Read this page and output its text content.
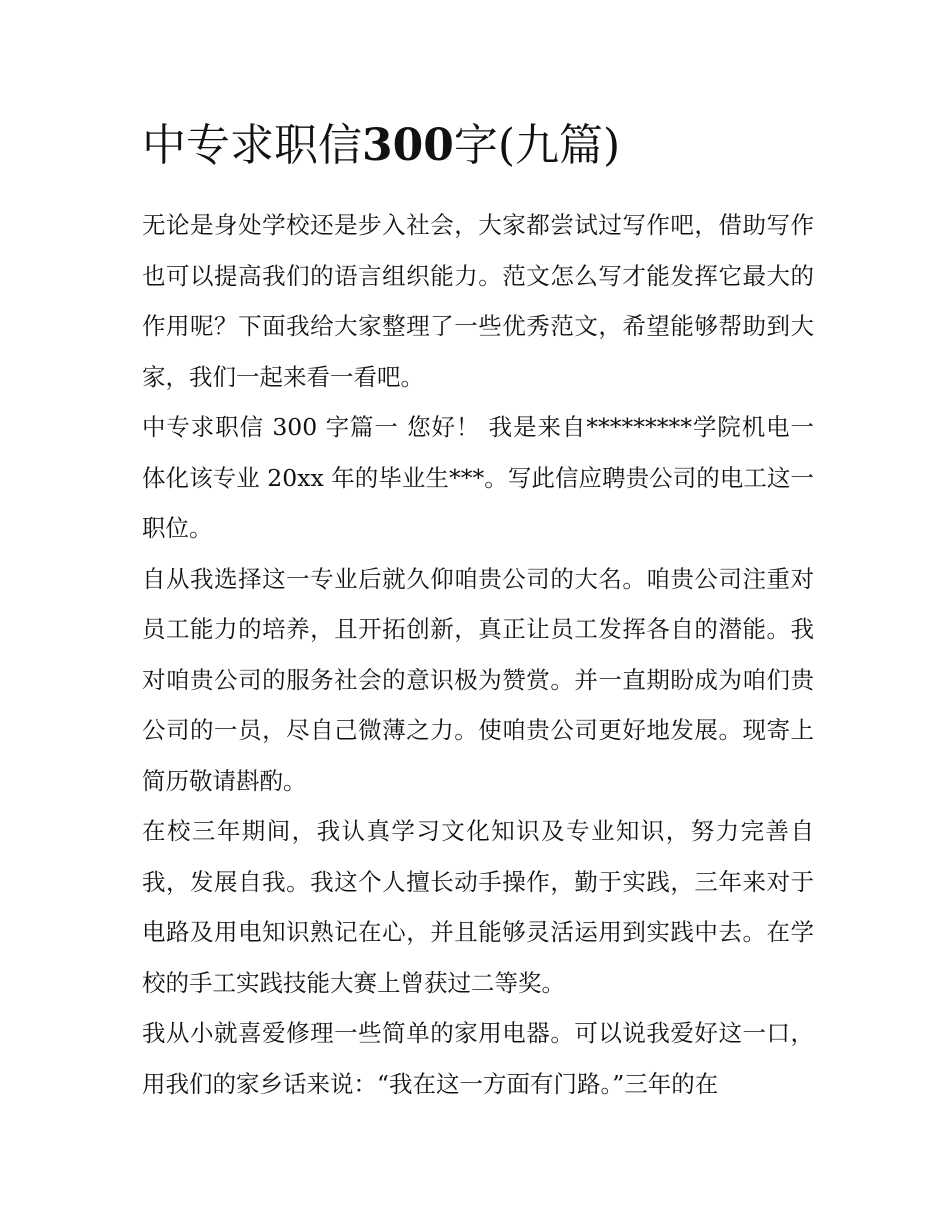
中专求职信300字(九篇)

无论是身处学校还是步入社会，大家都尝试过写作吧，借助写作也可以提高我们的语言组织能力。范文怎么写才能发挥它最大的作用呢？下面我给大家整理了一些优秀范文，希望能够帮助到大家，我们一起来看一看吧。

中专求职信 300 字篇一 您好！ 我是来自*********学院机电一体化该专业 20xx 年的毕业生***。写此信应聘贵公司的电工这一职位。

自从我选择这一专业后就久仰咱贵公司的大名。咱贵公司注重对员工能力的培养，且开拓创新，真正让员工发挥各自的潜能。我对咱贵公司的服务社会的意识极为赞赏。并一直期盼成为咱们贵公司的一员，尽自己微薄之力。使咱贵公司更好地发展。现寄上简历敬请斟酌。

在校三年期间，我认真学习文化知识及专业知识，努力完善自我，发展自我。我这个人擅长动手操作，勤于实践，三年来对于电路及用电知识熟记在心，并且能够灵活运用到实践中去。在学校的手工实践技能大赛上曾获过二等奖。

我从小就喜爱修理一些简单的家用电器。可以说我爱好这一口，用我们的家乡话来说：“我在这一方面有门路。”三年的在
